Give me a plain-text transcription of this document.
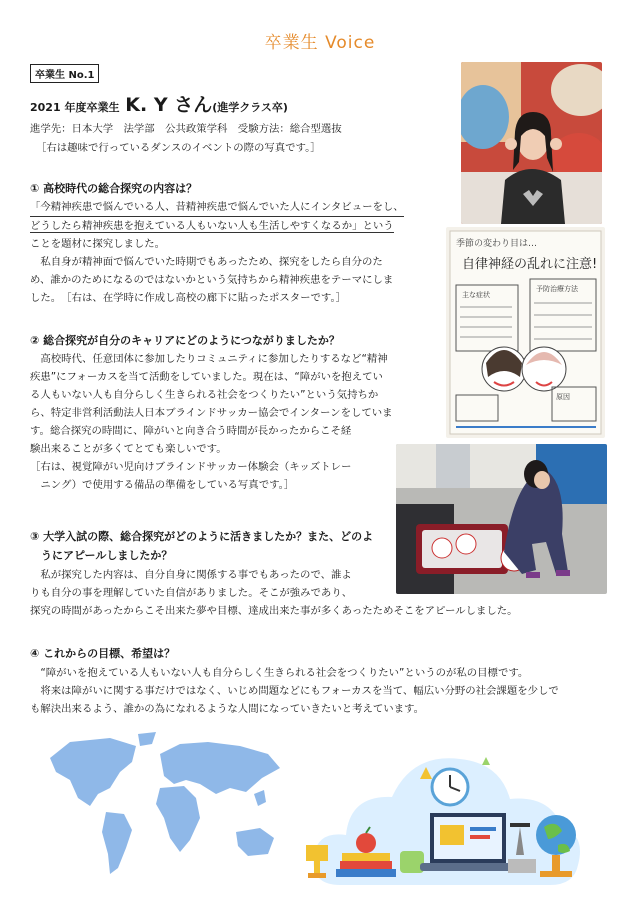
卒業生 Voice
卒業生 No.1
2021 年度卒業生 K. Y さん(進学クラス卒)
進学先：日本大学　法学部　公共政策学科　受験方法：総合型選抜
［右は趣味で行っているダンスのイベントの際の写真です。］
① 高校時代の総合探究の内容は？
「今精神疾患で悩んでいる人、昔精神疾患で悩んでいた人にインタビューをし、
どうしたら精神疾患を抱えている人もいない人も生活しやすくなるか」という
ことを題材に探究しました。
　私自身が精神面で悩んでいた時期でもあったため、探究をしたら自分のた
め、誰かのためになるのではないかという気持ちから精神疾患をテーマにしま
した。　［右は、在学時に作成し高校の廊下に貼ったポスターです。］
季節の変わり目は…
自律神経の乱れに注意!
主な症状
予防治療方法
原因
② 総合探究が自分のキャリアにどのようにつながりましたか？
　高校時代、任意団体に参加したりコミュニティに参加したりするなど“精神
疾患”にフォーカスを当て活動をしていました。現在は、“障がいを抱えてい
る人もいない人も自分らしく生きられる社会をつくりたい”という気持ちか
ら、特定非営利活動法人日本ブラインドサッカー協会でインターンをしていま
す。総合探究の時間に、障がいと向き合う時間が長かったからこそ経
験出来ることが多くてとても楽しいです。
［右は、視覚障がい児向けブラインドサッカー体験会（キッズトレー
　ニング）で使用する備品の準備をしている写真です。］
③ 大学入試の際、総合探究がどのように活きましたか？また、どのよ
　うにアピールしましたか？
　私が探究した内容は、自分自身に関係する事でもあったので、誰よ
りも自分の事を理解していた自信がありました。そこが強みであり、
探究の時間があったからこそ出来た夢や目標、達成出来た事が多くあったためそこをアピールしました。
④ これからの目標、希望は？
　“障がいを抱えている人もいない人も自分らしく生きられる社会をつくりたい”というのが私の目標です。
　将来は障がいに関する事だけではなく、いじめ問題などにもフォーカスを当て、幅広い分野の社会課題を少しで
も解決出来るよう、誰かの為になれるような人間になっていきたいと考えています。
